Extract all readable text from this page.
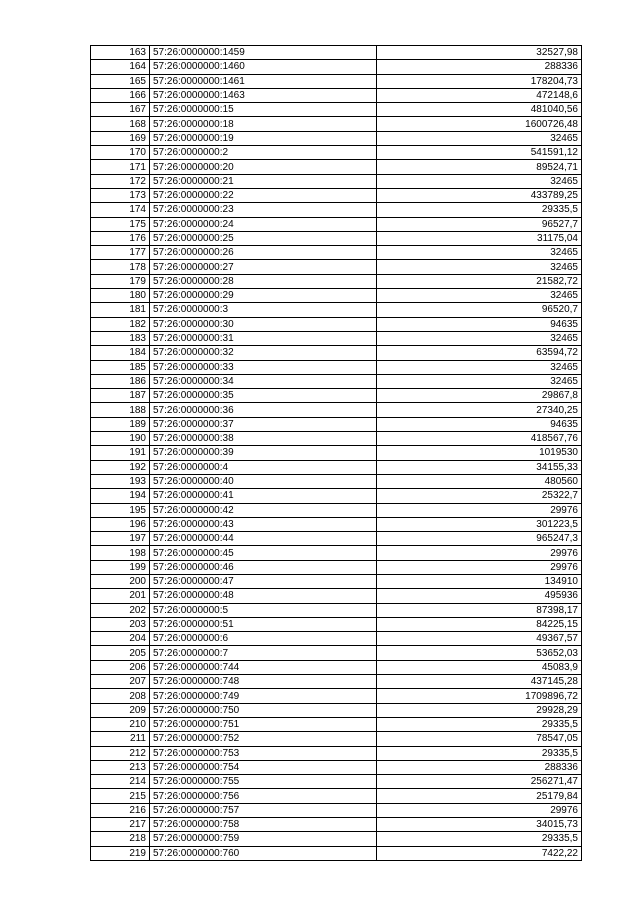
163	57:26:0000000:1459	32527,98
164	57:26:0000000:1460	288336
165	57:26:0000000:1461	178204,73
166	57:26:0000000:1463	472148,6
167	57:26:0000000:15	481040,56
168	57:26:0000000:18	1600726,48
169	57:26:0000000:19	32465
170	57:26:0000000:2	541591,12
171	57:26:0000000:20	89524,71
172	57:26:0000000:21	32465
173	57:26:0000000:22	433789,25
174	57:26:0000000:23	29335,5
175	57:26:0000000:24	96527,7
176	57:26:0000000:25	31175,04
177	57:26:0000000:26	32465
178	57:26:0000000:27	32465
179	57:26:0000000:28	21582,72
180	57:26:0000000:29	32465
181	57:26:0000000:3	96520,7
182	57:26:0000000:30	94635
183	57:26:0000000:31	32465
184	57:26:0000000:32	63594,72
185	57:26:0000000:33	32465
186	57:26:0000000:34	32465
187	57:26:0000000:35	29867,8
188	57:26:0000000:36	27340,25
189	57:26:0000000:37	94635
190	57:26:0000000:38	418567,76
191	57:26:0000000:39	1019530
192	57:26:0000000:4	34155,33
193	57:26:0000000:40	480560
194	57:26:0000000:41	25322,7
195	57:26:0000000:42	29976
196	57:26:0000000:43	301223,5
197	57:26:0000000:44	965247,3
198	57:26:0000000:45	29976
199	57:26:0000000:46	29976
200	57:26:0000000:47	134910
201	57:26:0000000:48	495936
202	57:26:0000000:5	87398,17
203	57:26:0000000:51	84225,15
204	57:26:0000000:6	49367,57
205	57:26:0000000:7	53652,03
206	57:26:0000000:744	45083,9
207	57:26:0000000:748	437145,28
208	57:26:0000000:749	1709896,72
209	57:26:0000000:750	29928,29
210	57:26:0000000:751	29335,5
211	57:26:0000000:752	78547,05
212	57:26:0000000:753	29335,5
213	57:26:0000000:754	288336
214	57:26:0000000:755	256271,47
215	57:26:0000000:756	25179,84
216	57:26:0000000:757	29976
217	57:26:0000000:758	34015,73
218	57:26:0000000:759	29335,5
219	57:26:0000000:760	7422,22
